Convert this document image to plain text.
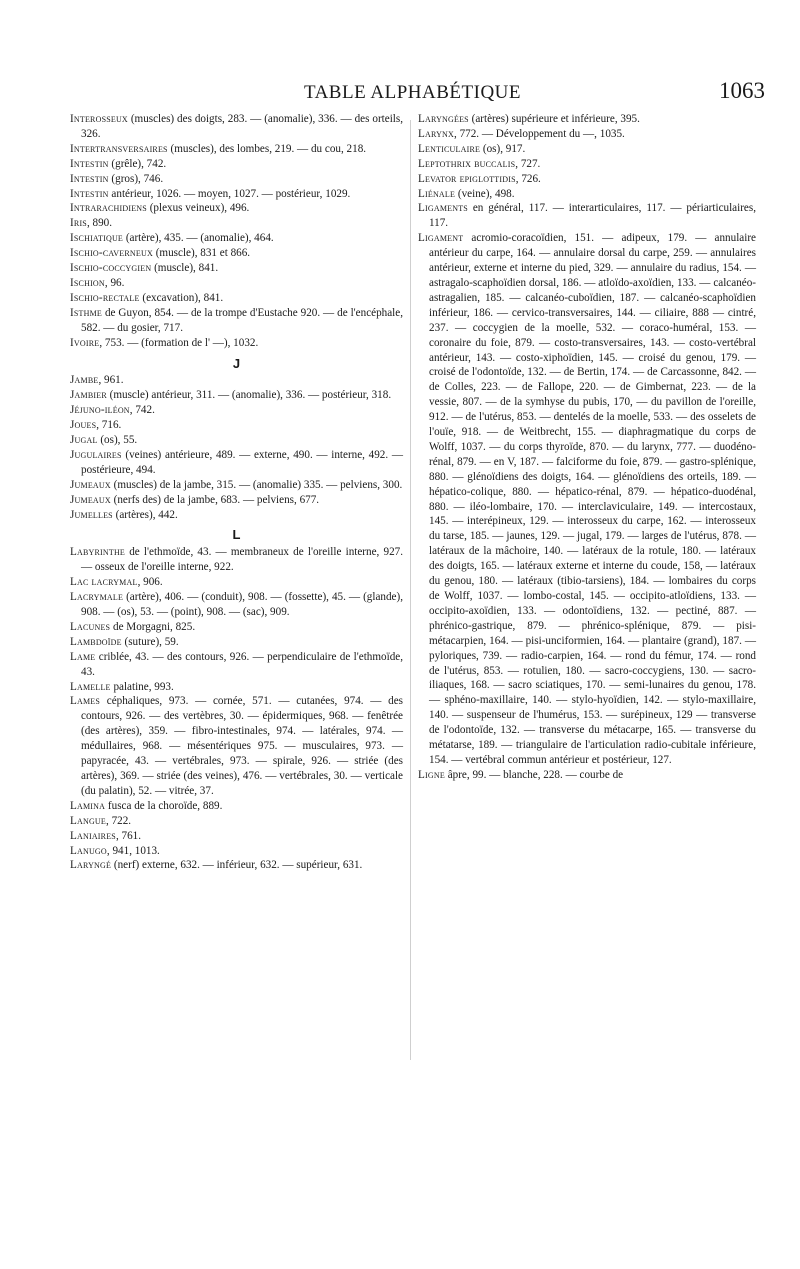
TABLE ALPHABÉTIQUE	1063

Interosseux (muscles) des doigts, 283. — (anomalie), 336. — des orteils, 326.

Intertransversaires (muscles), des lombes, 219. — du cou, 218.

Intestin (grêle), 742.

Intestin (gros), 746.

Intestin antérieur, 1026. — moyen, 1027. — postérieur, 1029.

Intrarachidiens (plexus veineux), 496.

Iris, 890.

Ischiatique (artère), 435. — (anomalie), 464.

Ischio-caverneux (muscle), 831 et 866.

Ischio-coccygien (muscle), 841.

Ischion, 96.

Ischio-rectale (excavation), 841.

Isthme de Guyon, 854. — de la trompe d'Eustache 920. — de l'encéphale, 582. — du gosier, 717.

Ivoire, 753. — (formation de l' —), 1032.

J

Jambe, 961.

Jambier (muscle) antérieur, 311. — (anomalie), 336. — postérieur, 318.

Jéjuno-iléon, 742.

Joues, 716.

Jugal (os), 55.

Jugulaires (veines) antérieure, 489. — externe, 490. — interne, 492. — postérieure, 494.

Jumeaux (muscles) de la jambe, 315. — (anomalie) 335. — pelviens, 300.

Jumeaux (nerfs des) de la jambe, 683. — pelviens, 677.

Jumelles (artères), 442.

L

Labyrinthe de l'ethmoïde, 43. — membraneux de l'oreille interne, 927. — osseux de l'oreille interne, 922.

Lac lacrymal, 906.

Lacrymale (artère), 406. — (conduit), 908. — (fossette), 45. — (glande), 908. — (os), 53. — (point), 908. — (sac), 909.

Lacunes de Morgagni, 825.

Lambdoïde (suture), 59.

Lame criblée, 43. — des contours, 926. — perpendiculaire de l'ethmoïde, 43.

Lamelle palatine, 993.

Lames céphaliques, 973. — cornée, 571. — cutanées, 974. — des contours, 926. — des vertèbres, 30. — épidermiques, 968. — fenêtrée (des artères), 359. — fibro-intestinales, 974. — latérales, 974. — médullaires, 968. — mésentériques 975. — musculaires, 973. — papyracée, 43. — vertébrales, 973. — spirale, 926. — striée (des artères), 369. — striée (des veines), 476. — vertébrales, 30. — verticale (du palatin), 52. — vitrée, 37.

Lamina fusca de la choroïde, 889.

Langue, 722.

Laniaires, 761.

Lanugo, 941, 1013.

Laryngé (nerf) externe, 632. — inférieur, 632. — supérieur, 631.

Laryngées (artères) supérieure et inférieure, 395.

Larynx, 772. — Développement du —, 1035.

Lenticulaire (os), 917.

Leptothrix buccalis, 727.

Levator epiglottidis, 726.

Liénale (veine), 498.

Ligaments en général, 117. — interarticulaires, 117. — périarticulaires, 117.

Ligament acromio-coracoïdien, 151. — adipeux, 179. — annulaire antérieur du carpe, 164. — annulaire dorsal du carpe, 259. — annulaires antérieur, externe et interne du pied, 329. — annulaire du radius, 154. — astragalo-scaphoïdien dorsal, 186. — atloïdo-axoïdien, 133. — calcanéo-astragalien, 185. — calcanéo-cuboïdien, 187. — calcanéo-scaphoïdien inférieur, 186. — cervico-transversaires, 144. — ciliaire, 888 — cintré, 237. — coccygien de la moelle, 532. — coraco-huméral, 153. — coronaire du foie, 879. — costo-transversaires, 143. — costo-vertébral antérieur, 143. — costo-xiphoïdien, 145. — croisé du genou, 179. — croisé de l'odontoïde, 132. — de Bertin, 174. — de Carcassonne, 842. — de Colles, 223. — de Fallope, 220. — de Gimbernat, 223. — de la vessie, 807. — de la symhyse du pubis, 170, — du pavillon de l'oreille, 912. — de l'utérus, 853. — dentelés de la moelle, 533. — des osselets de l'ouïe, 918. — de Weitbrecht, 155. — diaphragmatique du corps de Wolff, 1037. — du corps thyroïde, 870. — du larynx, 777. — duodéno-rénal, 879. — en V, 187. — falciforme du foie, 879. — gastro-splénique, 880. — glénoïdiens des doigts, 164. — glénoïdiens des orteils, 189. — hépatico-colique, 880. — hépatico-rénal, 879. — hépatico-duodénal, 880. — iléo-lombaire, 170. — interclaviculaire, 149. — intercostaux, 145. — interépineux, 129. — interosseux du carpe, 162. — interosseux du tarse, 185. — jaunes, 129. — jugal, 179. — larges de l'utérus, 878. — latéraux de la mâchoire, 140. — latéraux de la rotule, 180. — latéraux des doigts, 165. — latéraux externe et interne du coude, 158, — latéraux du genou, 180. — latéraux (tibio-tarsiens), 184. — lombaires du corps de Wolff, 1037. — lombo-costal, 145. — occipito-atloïdiens, 133. — occipito-axoïdien, 133. — odontoïdiens, 132. — pectiné, 887. — phrénico-gastrique, 879. — phrénico-splénique, 879. — pisi-métacarpien, 164. — pisi-unciformien, 164. — plantaire (grand), 187. — pyloriques, 739. — radio-carpien, 164. — rond du fémur, 174. — rond de l'utérus, 853. — rotulien, 180. — sacro-coccygiens, 130. — sacro-iliaques, 168. — sacro sciatiques, 170. — semi-lunaires du genou, 178. — sphéno-maxillaire, 140. — stylo-hyoïdien, 142. — stylo-maxillaire, 140. — suspenseur de l'humérus, 153. — surépineux, 129 — transverse de l'odontoïde, 132. — transverse du métacarpe, 165. — transverse du métatarse, 189. — triangulaire de l'articulation radio-cubitale inférieure, 154. — vertébral commun antérieur et postérieur, 127.

Ligne âpre, 99. — blanche, 228. — courbe de
